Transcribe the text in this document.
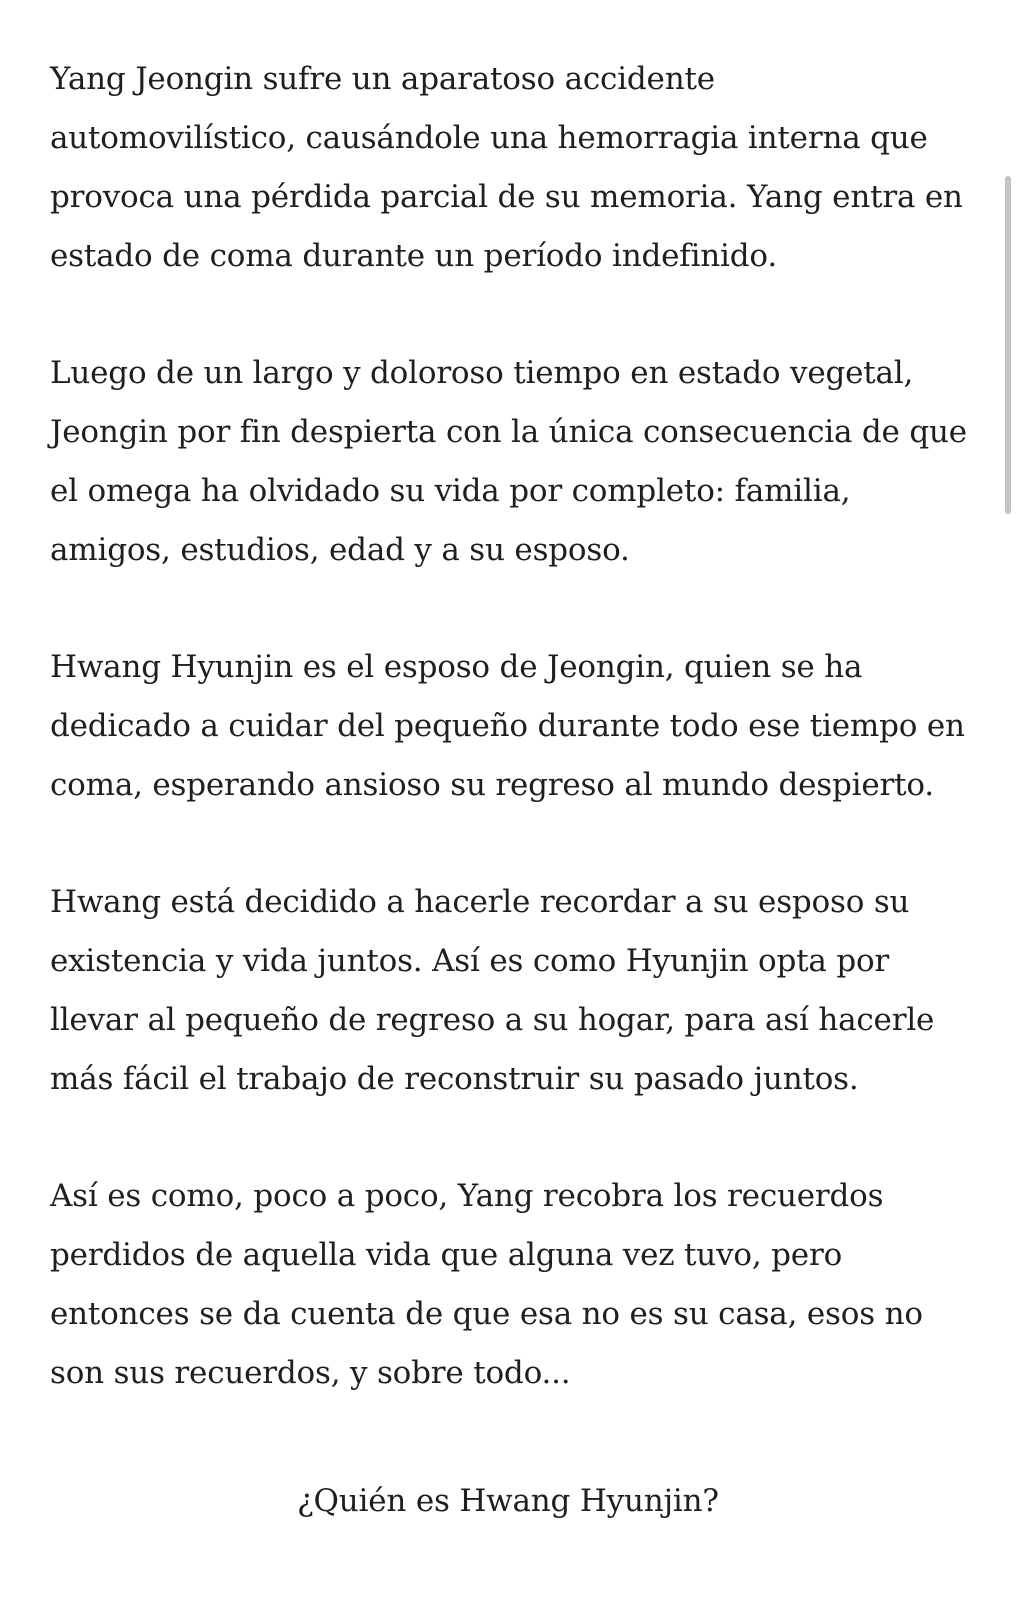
Yang Jeongin sufre un aparatoso accidente
automovilístico, causándole una hemorragia interna que
provoca una pérdida parcial de su memoria. Yang entra en
estado de coma durante un período indefinido.

Luego de un largo y doloroso tiempo en estado vegetal,
Jeongin por fin despierta con la única consecuencia de que
el omega ha olvidado su vida por completo: familia,
amigos, estudios, edad y a su esposo.

Hwang Hyunjin es el esposo de Jeongin, quien se ha
dedicado a cuidar del pequeño durante todo ese tiempo en
coma, esperando ansioso su regreso al mundo despierto.

Hwang está decidido a hacerle recordar a su esposo su
existencia y vida juntos. Así es como Hyunjin opta por
llevar al pequeño de regreso a su hogar, para así hacerle
más fácil el trabajo de reconstruir su pasado juntos.

Así es como, poco a poco, Yang recobra los recuerdos
perdidos de aquella vida que alguna vez tuvo, pero
entonces se da cuenta de que esa no es su casa, esos no
son sus recuerdos, y sobre todo...

¿Quién es Hwang Hyunjin?
